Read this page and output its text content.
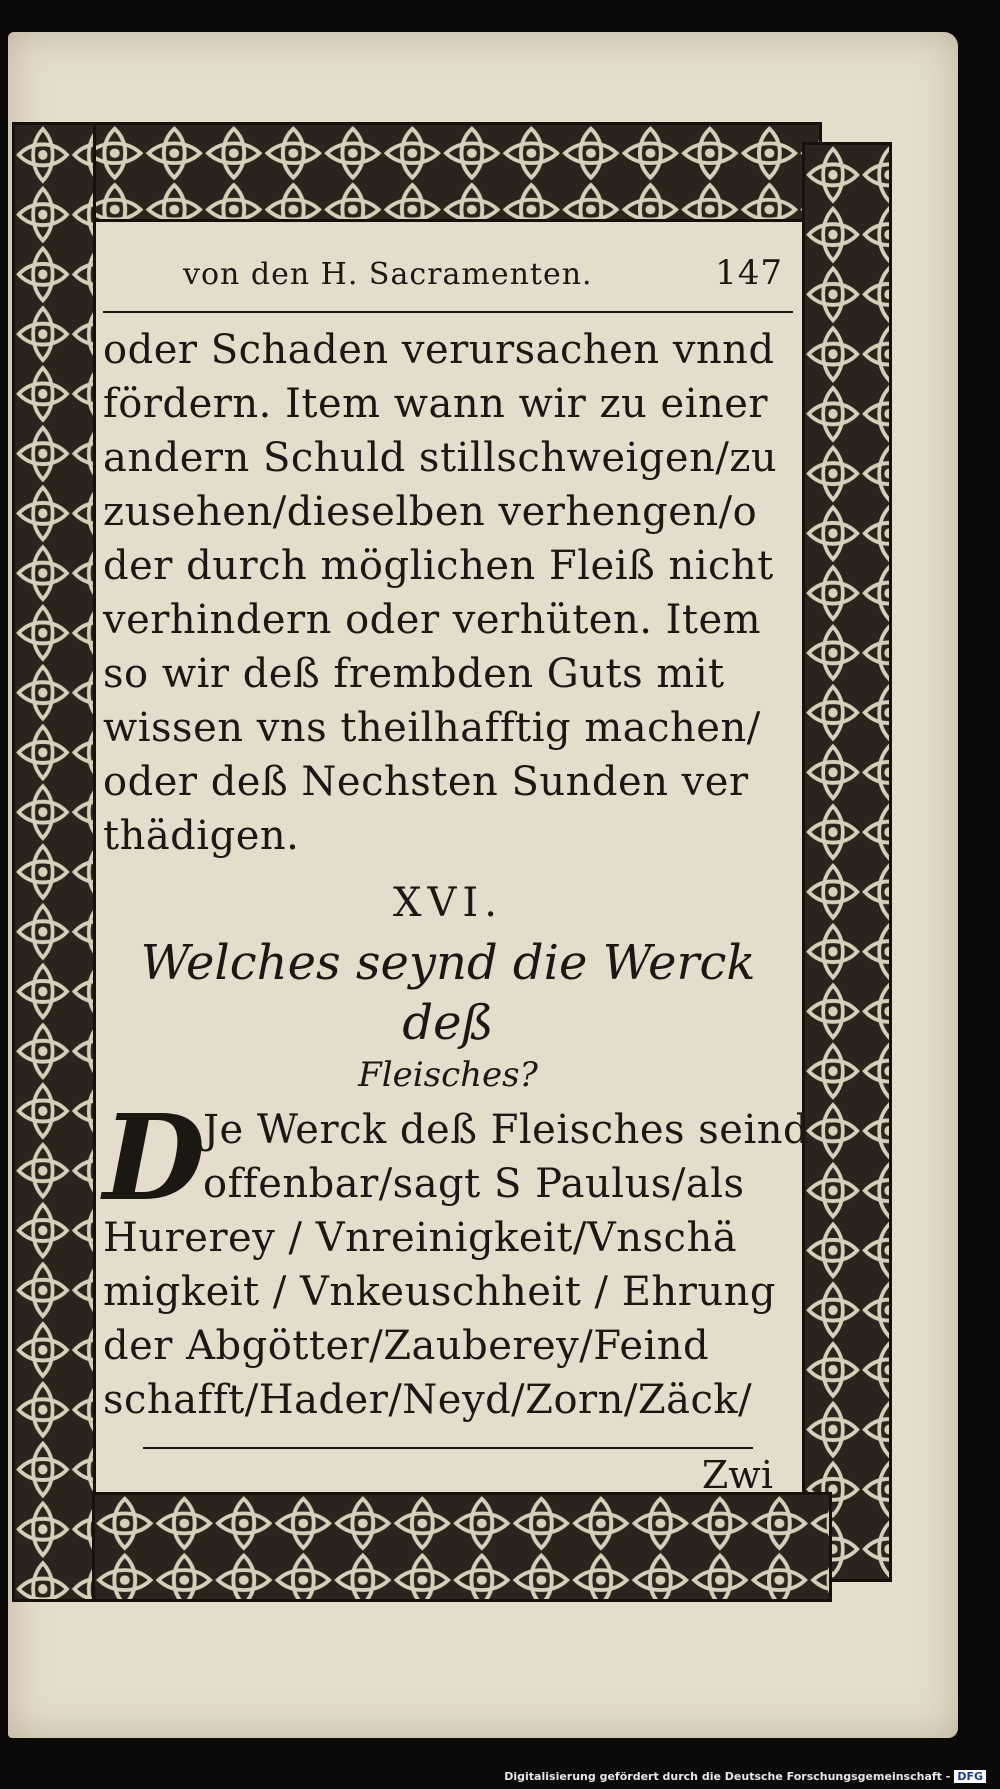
von den H. Sacramenten.	147
oder Schaden verursachen vnnd
fördern. Item wann wir zu einer
andern Schuld stillschweigen/zu
zusehen/dieselben verhengen/o
der durch möglichen Fleiß nicht
verhindern oder verhüten. Item
so wir deß frembden Guts mit
wissen vns theilhafftig machen/
oder deß Nechsten Sunden ver
thädigen.
XVI.
Welches seynd die Werck deß
Fleisches?
D
Je Werck deß Fleisches seind
offenbar/sagt S Paulus/als
Hurerey / Vnreinigkeit/Vnschä
migkeit / Vnkeuschheit / Ehrung
der Abgötter/Zauberey/Feind
schafft/Hader/Neyd/Zorn/Zäck/
Zwi
Digitalisierung gefördert durch die Deutsche Forschungsgemeinschaft - DFG
